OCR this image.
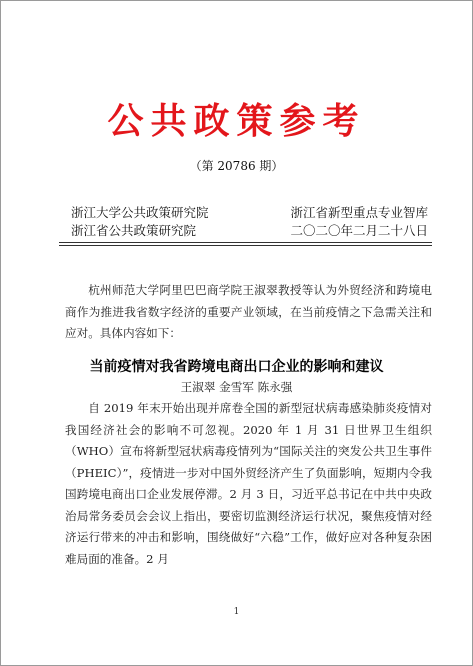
公共政策参考
（第 20786 期）
浙江大学公共政策研究院	浙江省新型重点专业智库
浙江省公共政策研究院	二〇二〇年二月二十八日

杭州师范大学阿里巴巴商学院王淑翠教授等认为外贸经济和跨境电商作为推进我省数字经济的重要产业领域，在当前疫情之下急需关注和应对。具体内容如下：

当前疫情对我省跨境电商出口企业的影响和建议
王淑翠 金雪军 陈永强

自 2019 年末开始出现并席卷全国的新型冠状病毒感染肺炎疫情对我国经济社会的影响不可忽视。2020 年 1 月 31 日世界卫生组织（WHO）宣布将新型冠状病毒疫情列为“国际关注的突发公共卫生事件（PHEIC）”，疫情进一步对中国外贸经济产生了负面影响，短期内令我国跨境电商出口企业发展停滞。2 月 3 日，习近平总书记在中共中央政治局常务委员会会议上指出，要密切监测经济运行状况，聚焦疫情对经济运行带来的冲击和影响，围绕做好“六稳”工作，做好应对各种复杂困难局面的准备。2 月

1
